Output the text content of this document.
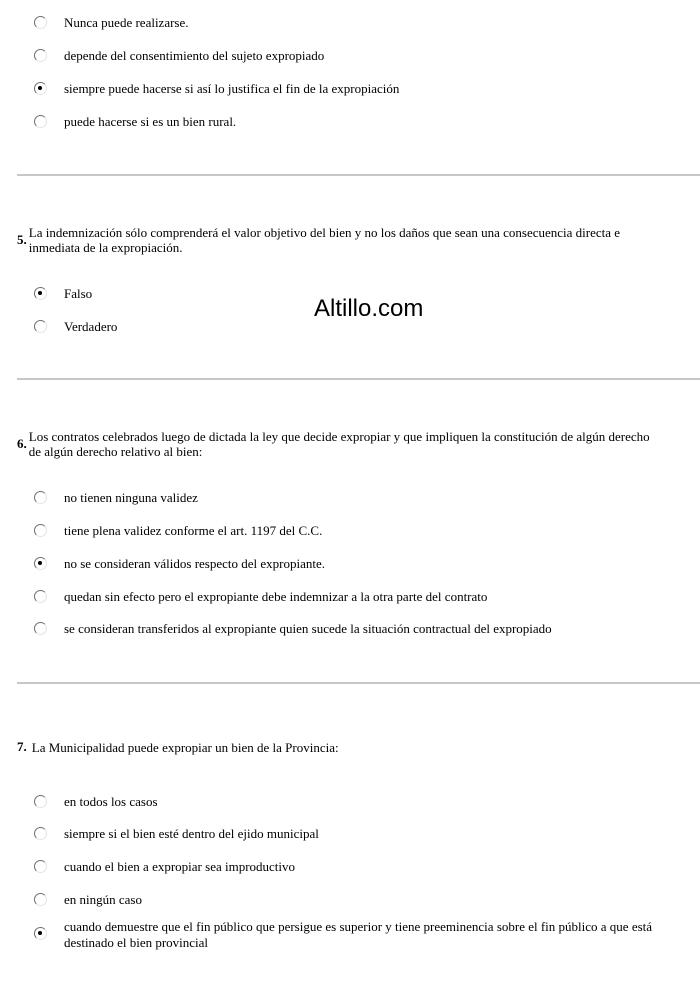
Nunca puede realizarse.
depende del consentimiento del sujeto expropiado
siempre puede hacerse si así lo justifica el fin de la expropiación
puede hacerse si es un bien rural.
5. La indemnización sólo comprenderá el valor objetivo del bien y no los daños que sean una consecuencia directa e
inmediata de la expropiación.
Falso
Verdadero
Altillo.com
6. Los contratos celebrados luego de dictada la ley que decide expropiar y que impliquen la constitución de algún derecho
de algún derecho relativo al bien:
no tienen ninguna validez
tiene plena validez conforme el art. 1197 del C.C.
no se consideran válidos respecto del expropiante.
quedan sin efecto pero el expropiante debe indemnizar a la otra parte del contrato
se consideran transferidos al expropiante quien sucede la situación contractual del expropiado
7. La Municipalidad puede expropiar un bien de la Provincia:
en todos los casos
siempre si el bien esté dentro del ejido municipal
cuando el bien a expropiar sea improductivo
en ningún caso
cuando demuestre que el fin público que persigue es superior y tiene preeminencia sobre el fin público a que está destinado el bien provincial
